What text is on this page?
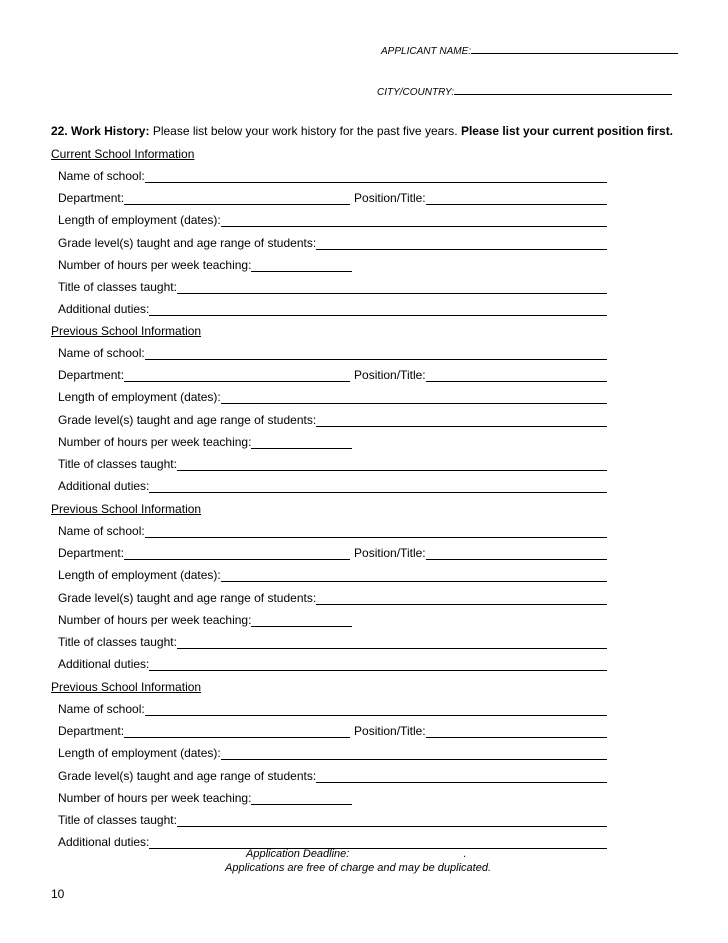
APPLICANT NAME:
CITY/COUNTRY:
22. Work History: Please list below your work history for the past five years. Please list your current position first.
Current School Information
Name of school:
Department:	Position/Title:
Length of employment (dates):
Grade level(s) taught and age range of students:
Number of hours per week teaching:
Title of classes taught:
Additional duties:
Previous School Information
Name of school:
Department:	Position/Title:
Length of employment (dates):
Grade level(s) taught and age range of students:
Number of hours per week teaching:
Title of classes taught:
Additional duties:
Previous School Information
Name of school:
Department:	Position/Title:
Length of employment (dates):
Grade level(s) taught and age range of students:
Number of hours per week teaching:
Title of classes taught:
Additional duties:
Previous School Information
Name of school:
Department:	Position/Title:
Length of employment (dates):
Grade level(s) taught and age range of students:
Number of hours per week teaching:
Title of classes taught:
Additional duties:
Application Deadline:	.
Applications are free of charge and may be duplicated.
10
